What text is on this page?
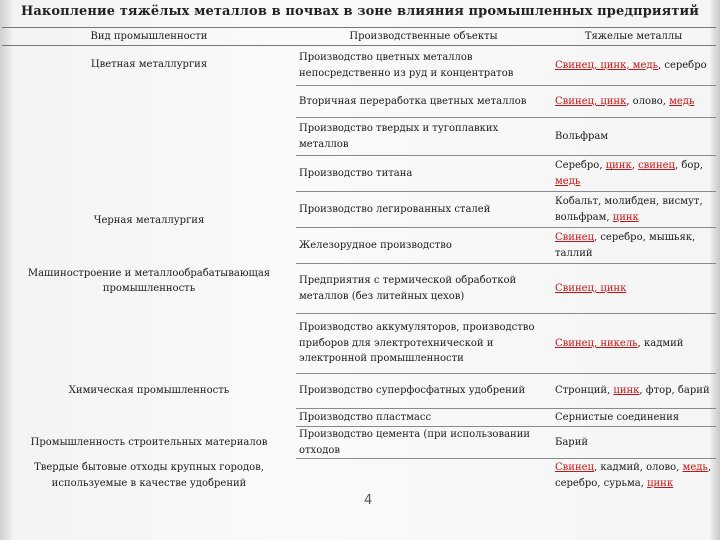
Накопление тяжёлых металлов в почвах в зоне влияния промышленных предприятий
Вид промышленности	Производственные объекты	Тяжелые металлы
Цветная металлургия	Производство цветных металлов непосредственно из руд и концентратов	Свинец, цинк, медь, серебро
	Вторичная переработка цветных металлов	Свинец, цинк, олово, медь
	Производство твердых и тугоплавких металлов	Вольфрам
Черная металлургия	Производство титана	Серебро, цинк, свинец, бор, медь
	Производство легированных сталей	Кобальт, молибден, висмут, вольфрам, цинк
	Железорудное производство	Свинец, серебро, мышьяк, таллий
Машиностроение и металлообрабатывающая промышленность	Предприятия с термической обработкой металлов (без литейных цехов)	Свинец, цинк
	Производство аккумуляторов, производство приборов для электротехнической и электронной промышленности	Свинец, никель, кадмий
Химическая промышленность	Производство суперфосфатных удобрений	Стронций, цинк, фтор, барий
Промышленность строительных материалов	Производство пластмасс	Сернистые соединения
	Производство цемента (при использовании отходов	Барий
Твердые бытовые отходы крупных городов, используемые в качестве удобрений		Свинец, кадмий, олово, медь, серебро, сурьма, цинк
4
